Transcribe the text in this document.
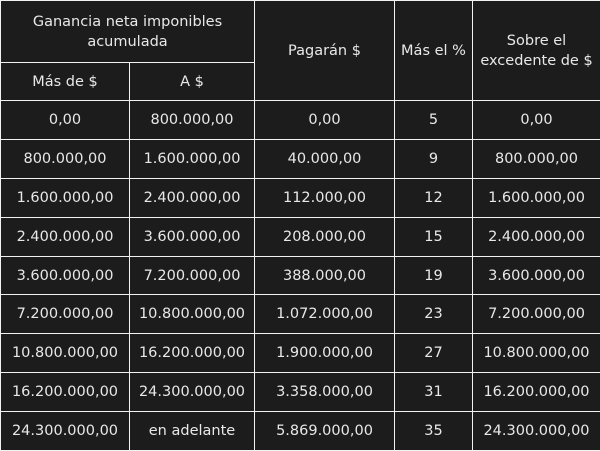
Ganancia neta imponibles acumulada		Pagarán $	Más el %	Sobre el excedente de $
Más de $	A $			
0,00	800.000,00	0,00	5	0,00
800.000,00	1.600.000,00	40.000,00	9	800.000,00
1.600.000,00	2.400.000,00	112.000,00	12	1.600.000,00
2.400.000,00	3.600.000,00	208.000,00	15	2.400.000,00
3.600.000,00	7.200.000,00	388.000,00	19	3.600.000,00
7.200.000,00	10.800.000,00	1.072.000,00	23	7.200.000,00
10.800.000,00	16.200.000,00	1.900.000,00	27	10.800.000,00
16.200.000,00	24.300.000,00	3.358.000,00	31	16.200.000,00
24.300.000,00	en adelante	5.869.000,00	35	24.300.000,00
